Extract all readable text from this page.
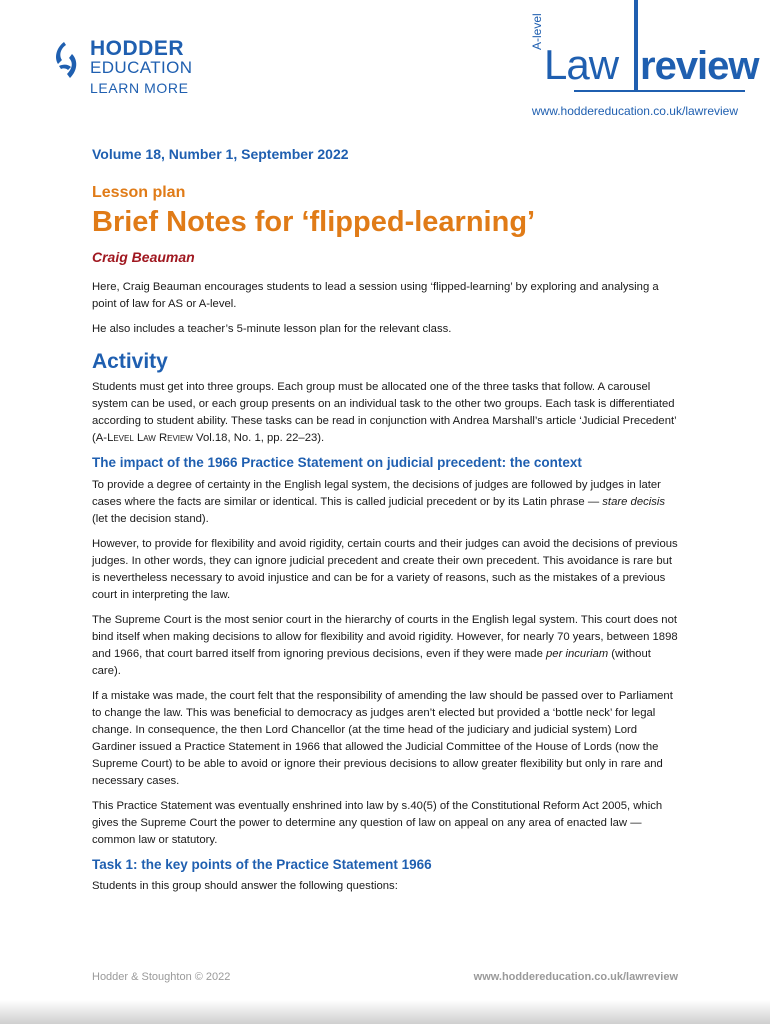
HODDER
EDUCATION
LEARN MORE
A-level
Law review
www.hoddereducation.co.uk/lawreview
Volume 18, Number 1, September 2022
Lesson plan
Brief Notes for ‘flipped-learning’
Craig Beauman

Here, Craig Beauman encourages students to lead a session using ‘flipped-learning’ by exploring and analysing a point of law for AS or A-level.

He also includes a teacher’s 5-minute lesson plan for the relevant class.

Activity

Students must get into three groups. Each group must be allocated one of the three tasks that follow. A carousel system can be used, or each group presents on an individual task to the other two groups. Each task is differentiated according to student ability. These tasks can be read in conjunction with Andrea Marshall’s article ‘Judicial Precedent’ (A-Level Law Review Vol.18, No. 1, pp. 22–23).

The impact of the 1966 Practice Statement on judicial precedent: the context

To provide a degree of certainty in the English legal system, the decisions of judges are followed by judges in later cases where the facts are similar or identical. This is called judicial precedent or by its Latin phrase — stare decisis (let the decision stand).

However, to provide for flexibility and avoid rigidity, certain courts and their judges can avoid the decisions of previous judges. In other words, they can ignore judicial precedent and create their own precedent. This avoidance is rare but is nevertheless necessary to avoid injustice and can be for a variety of reasons, such as the mistakes of a previous court in interpreting the law.

The Supreme Court is the most senior court in the hierarchy of courts in the English legal system. This court does not bind itself when making decisions to allow for flexibility and avoid rigidity. However, for nearly 70 years, between 1898 and 1966, that court barred itself from ignoring previous decisions, even if they were made per incuriam (without care).

If a mistake was made, the court felt that the responsibility of amending the law should be passed over to Parliament to change the law. This was beneficial to democracy as judges aren’t elected but provided a ‘bottle neck’ for legal change. In consequence, the then Lord Chancellor (at the time head of the judiciary and judicial system) Lord Gardiner issued a Practice Statement in 1966 that allowed the Judicial Committee of the House of Lords (now the Supreme Court) to be able to avoid or ignore their previous decisions to allow greater flexibility but only in rare and necessary cases.

This Practice Statement was eventually enshrined into law by s.40(5) of the Constitutional Reform Act 2005, which gives the Supreme Court the power to determine any question of law on appeal on any area of enacted law — common law or statutory.

Task 1: the key points of the Practice Statement 1966

Students in this group should answer the following questions:

Hodder & Stoughton © 2022	www.hoddereducation.co.uk/lawreview
